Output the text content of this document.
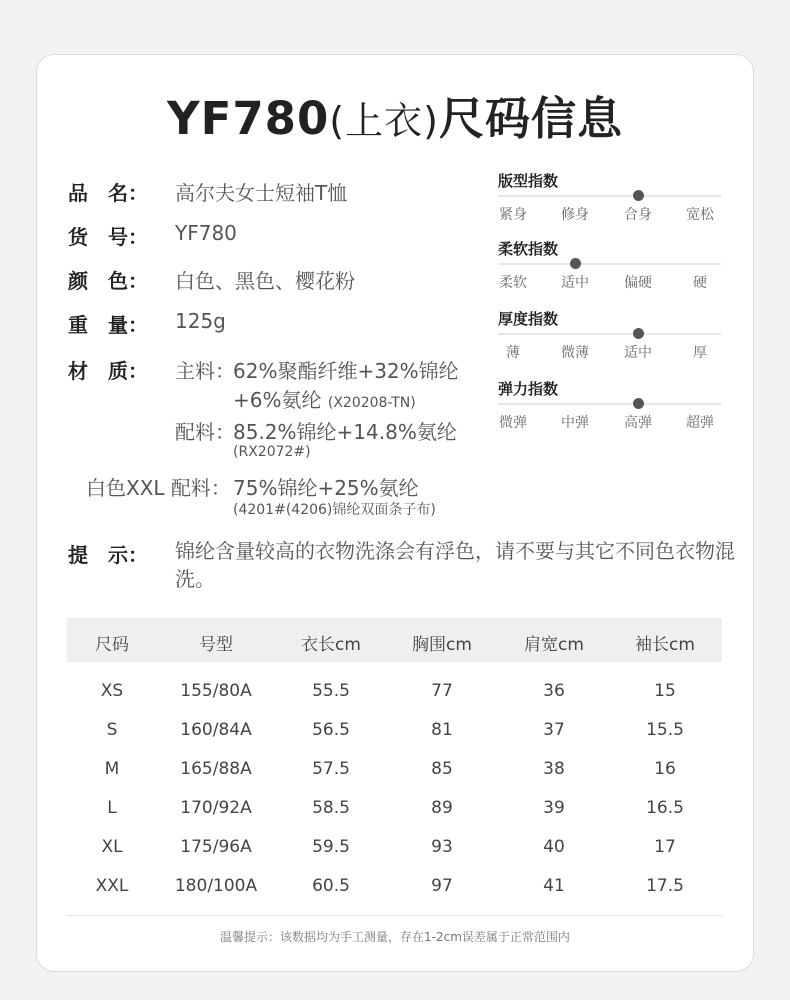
YF780(上衣)尺码信息
品　名：	高尔夫女士短袖T恤
货　号：	YF780
颜　色：	白色、黑色、樱花粉
重　量：	125g
材　质：	主料：
62%聚酯纤维+32%锦纶
+6%氨纶 (X20208-TN)
配料：
85.2%锦纶+14.8%氨纶
(RX2072#)
白色XXL 配料： 75%锦纶+25%氨纶
(4201#(4206)锦纶双面条子布)
版型指数
紧身 修身	合身 宽松
柔软指数
柔软 适中	偏硬	硬
厚度指数
薄	微薄	适中	厚
弹力指数
微弹 中弹	高弹 超弹
提　示： 锦纶含量较高的衣物洗涤会有浮色，请不要与其它不同色衣物混洗。
尺码	号型	衣长cm	胸围cm	肩宽cm	袖长cm
XS	155/80A	55.5	77	36	15
S	160/84A	56.5	81	37	15.5
M	165/88A	57.5	85	38	16
L	170/92A	58.5	89	39	16.5
XL	175/96A	59.5	93	40	17
XXL	180/100A	60.5	97	41	17.5
温馨提示：该数据均为手工测量，存在1-2cm误差属于正常范围内
